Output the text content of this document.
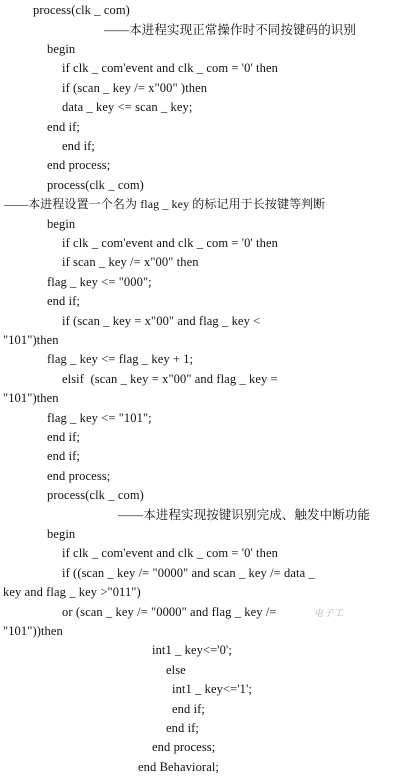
process(clk _ com)
——本进程实现正常操作时不同按键码的识别
begin
if clk _ com'event and clk _ com = '0' then
if (scan _ key /= x"00" )then
data _ key <= scan _ key;
end if;
end if;
end process;
process(clk _ com)
——本进程设置一个名为 flag _ key 的标记用于长按键等判断
begin
if clk _ com'event and clk _ com = '0' then
if scan _ key /= x"00" then
flag _ key <= "000";
end if;
if (scan _ key = x"00" and flag _ key <
"101")then
flag _ key <= flag _ key + 1;
elsif  (scan _ key = x"00" and flag _ key =
"101")then
flag _ key <= "101";
end if;
end if;
end process;
process(clk _ com)
——本进程实现按键识别完成、触发中断功能
begin
if clk _ com'event and clk _ com = '0' then
if ((scan _ key /= "0000" and scan _ key /= data _
key and flag _ key >"011")
or (scan _ key /= "0000" and flag _ key /=
"101"))then
int1 _ key<='0';
else
int1 _ key<='1';
end if;
end if;
end process;
end Behavioral;
电子工
